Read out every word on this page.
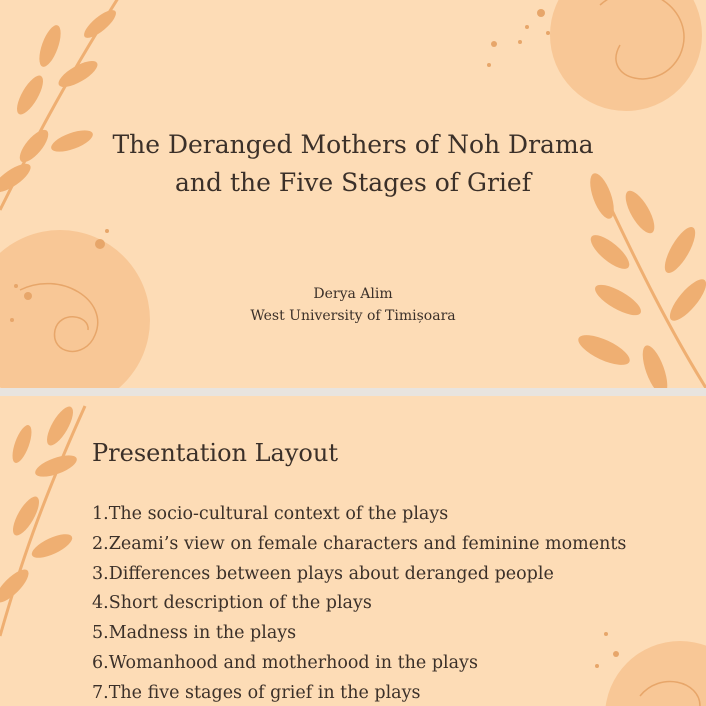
The Deranged Mothers of Noh Drama
and the Five Stages of Grief
Derya Alim
West University of Timișoara
Presentation Layout
1.The socio-cultural context of the plays
2.Zeami’s view on female characters and feminine moments
3.Differences between plays about deranged people
4.Short description of the plays
5.Madness in the plays
6.Womanhood and motherhood in the plays
7.The five stages of grief in the plays
